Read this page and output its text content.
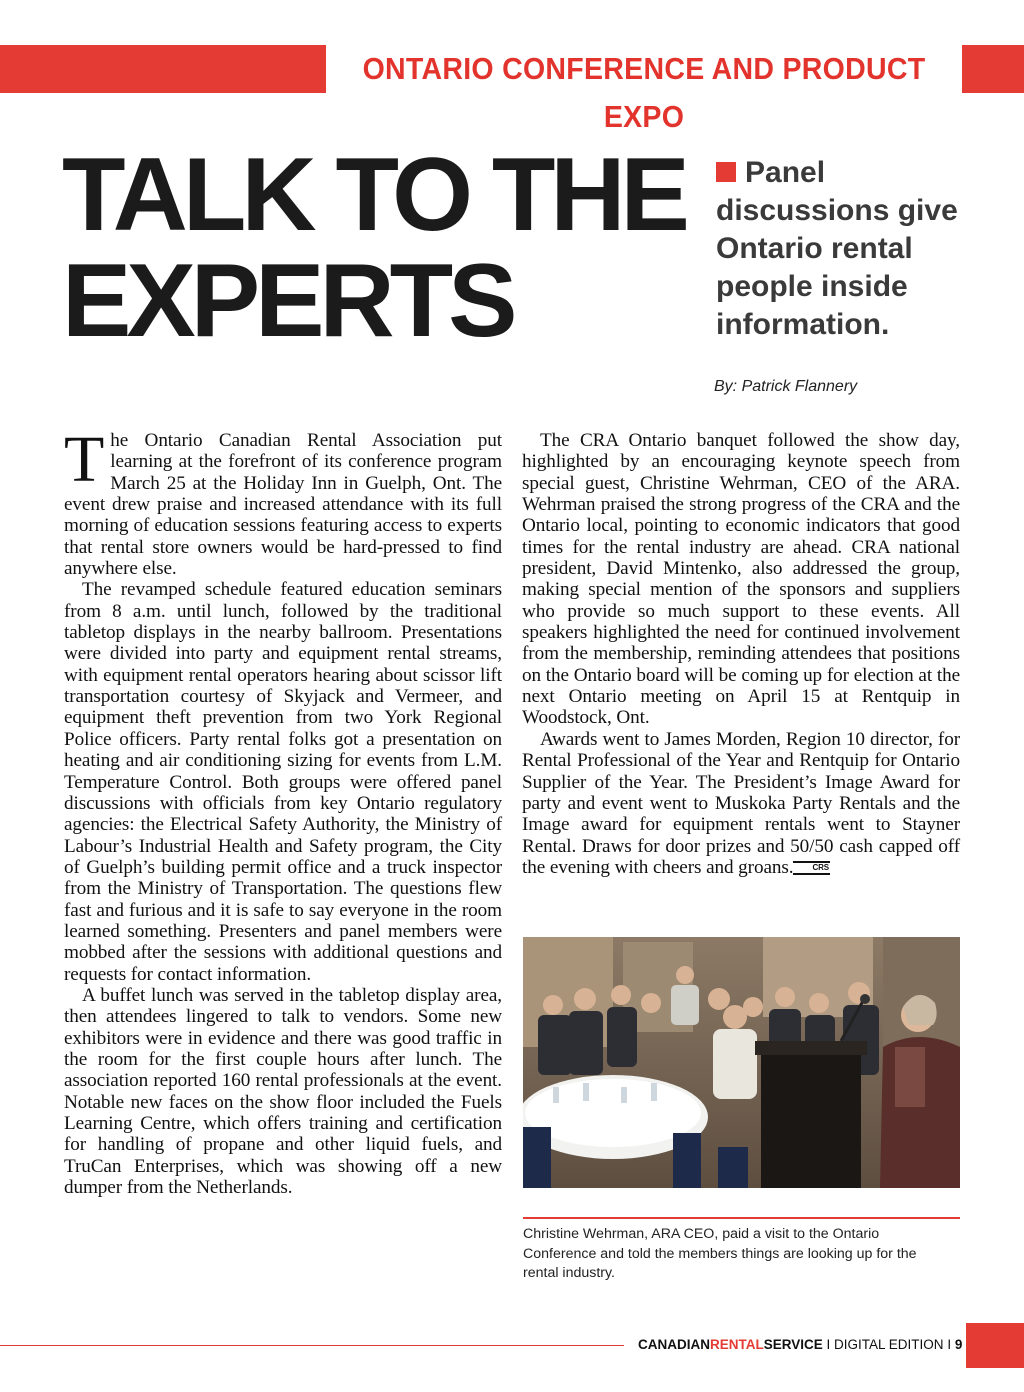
ONTARIO CONFERENCE AND PRODUCT EXPO
TALK TO THE
EXPERTS
Panel discussions give Ontario rental people inside information.
By: Patrick Flannery

The Ontario Canadian Rental Association put learning at the forefront of its conference program March 25 at the Holiday Inn in Guelph, Ont. The event drew praise and increased attendance with its full morning of education sessions featuring access to experts that rental store owners would be hard-pressed to find anywhere else.

The revamped schedule featured education seminars from 8 a.m. until lunch, followed by the traditional tabletop displays in the nearby ballroom. Presentations were divided into party and equipment rental streams, with equipment rental operators hearing about scissor lift transportation courtesy of Skyjack and Vermeer, and equipment theft prevention from two York Regional Police officers. Party rental folks got a presentation on heating and air conditioning sizing for events from L.M. Temperature Control. Both groups were offered panel discussions with officials from key Ontario regulatory agencies: the Electrical Safety Authority, the Ministry of Labour’s Industrial Health and Safety program, the City of Guelph’s building permit office and a truck inspector from the Ministry of Transportation. The questions flew fast and furious and it is safe to say everyone in the room learned something. Presenters and panel members were mobbed after the sessions with additional questions and requests for contact information.

A buffet lunch was served in the tabletop display area, then attendees lingered to talk to vendors. Some new exhibitors were in evidence and there was good traffic in the room for the first couple hours after lunch. The association reported 160 rental professionals at the event. Notable new faces on the show floor included the Fuels Learning Centre, which offers training and certification for handling of propane and other liquid fuels, and TruCan Enterprises, which was showing off a new dumper from the Netherlands.

The CRA Ontario banquet followed the show day, highlighted by an encouraging keynote speech from special guest, Christine Wehrman, CEO of the ARA. Wehrman praised the strong progress of the CRA and the Ontario local, pointing to economic indicators that good times for the rental industry are ahead. CRA national president, David Mintenko, also addressed the group, making special mention of the sponsors and suppliers who provide so much support to these events. All speakers highlighted the need for continued involvement from the membership, reminding attendees that positions on the Ontario board will be coming up for election at the next Ontario meeting on April 15 at Rentquip in Woodstock, Ont.

Awards went to James Morden, Region 10 director, for Rental Professional of the Year and Rentquip for Ontario Supplier of the Year. The President’s Image Award for party and event went to Muskoka Party Rentals and the Image award for equipment rentals went to Stayner Rental. Draws for door prizes and 50/50 cash capped off the evening with cheers and groans. CRS

Christine Wehrman, ARA CEO, paid a visit to the Ontario Conference and told the members things are looking up for the rental industry.
CANADIANRENTALSERVICE I DIGITAL EDITION I 9
